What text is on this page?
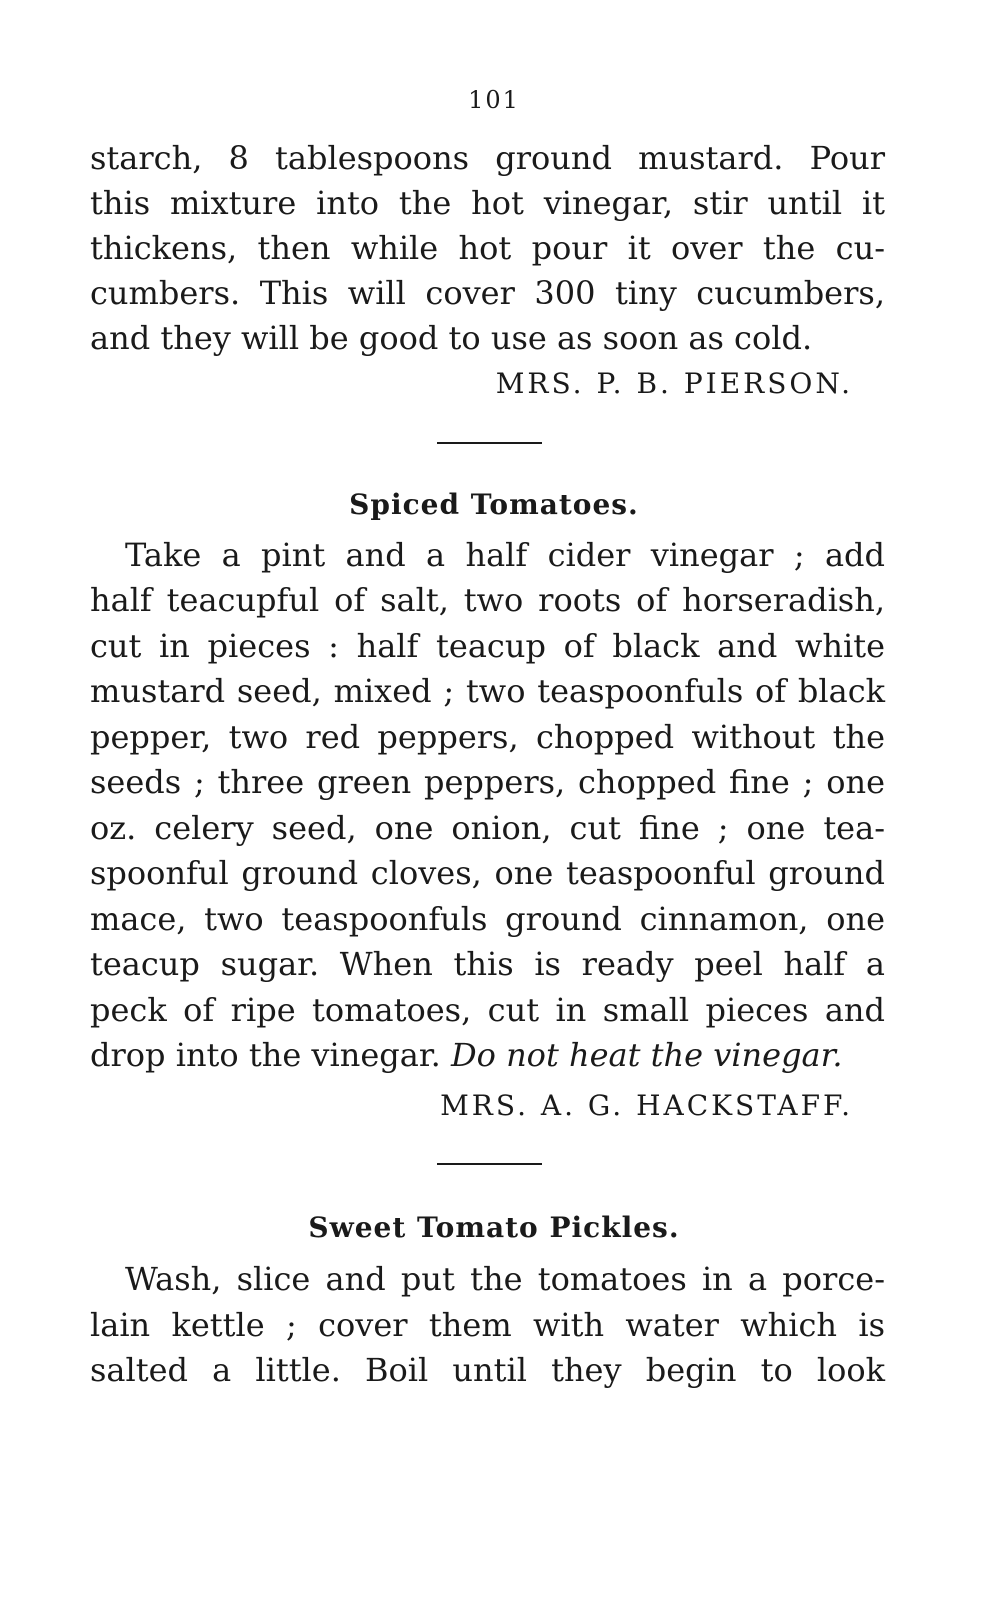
101
starch, 8 tablespoons ground mustard. Pour
this mixture into the hot vinegar, stir until it
thickens, then while hot pour it over the cu-
cumbers. This will cover 300 tiny cucumbers,
and they will be good to use as soon as cold.
MRS. P. B. PIERSON.
Spiced Tomatoes.
Take a pint and a half cider vinegar ; add
half teacupful of salt, two roots of horseradish,
cut in pieces : half teacup of black and white
mustard seed, mixed ; two teaspoonfuls of black
pepper, two red peppers, chopped without the
seeds ; three green peppers, chopped fine ; one
oz. celery seed, one onion, cut fine ; one tea-
spoonful ground cloves, one teaspoonful ground
mace, two teaspoonfuls ground cinnamon, one
teacup sugar. When this is ready peel half a
peck of ripe tomatoes, cut in small pieces and
drop into the vinegar. Do not heat the vinegar.
MRS. A. G. HACKSTAFF.
Sweet Tomato Pickles.
Wash, slice and put the tomatoes in a porce-
lain kettle ; cover them with water which is
salted a little. Boil until they begin to look
